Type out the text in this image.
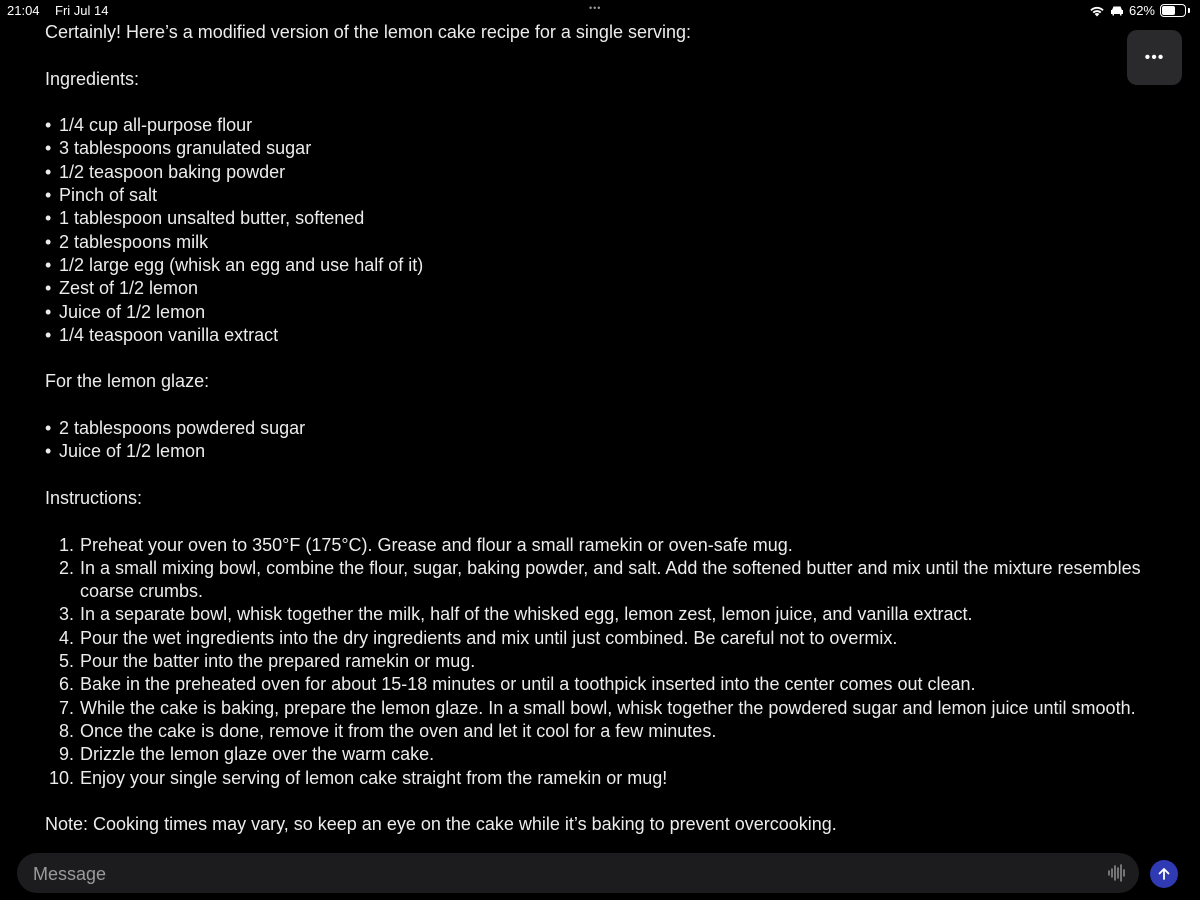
21:04 Fri Jul 14	•••	62%
•••

Certainly! Here’s a modified version of the lemon cake recipe for a single serving:

Ingredients:

• 1/4 cup all-purpose flour
• 3 tablespoons granulated sugar
• 1/2 teaspoon baking powder
• Pinch of salt
• 1 tablespoon unsalted butter, softened
• 2 tablespoons milk
• 1/2 large egg (whisk an egg and use half of it)
• Zest of 1/2 lemon
• Juice of 1/2 lemon
• 1/4 teaspoon vanilla extract

For the lemon glaze:

• 2 tablespoons powdered sugar
• Juice of 1/2 lemon

Instructions:

1. Preheat your oven to 350°F (175°C). Grease and flour a small ramekin or oven-safe mug.
2. In a small mixing bowl, combine the flour, sugar, baking powder, and salt. Add the softened butter and mix until the mixture resembles coarse crumbs.
3. In a separate bowl, whisk together the milk, half of the whisked egg, lemon zest, lemon juice, and vanilla extract.
4. Pour the wet ingredients into the dry ingredients and mix until just combined. Be careful not to overmix.
5. Pour the batter into the prepared ramekin or mug.
6. Bake in the preheated oven for about 15-18 minutes or until a toothpick inserted into the center comes out clean.
7. While the cake is baking, prepare the lemon glaze. In a small bowl, whisk together the powdered sugar and lemon juice until smooth.
8. Once the cake is done, remove it from the oven and let it cool for a few minutes.
9. Drizzle the lemon glaze over the warm cake.
10. Enjoy your single serving of lemon cake straight from the ramekin or mug!

Note: Cooking times may vary, so keep an eye on the cake while it’s baking to prevent overcooking.

Message
